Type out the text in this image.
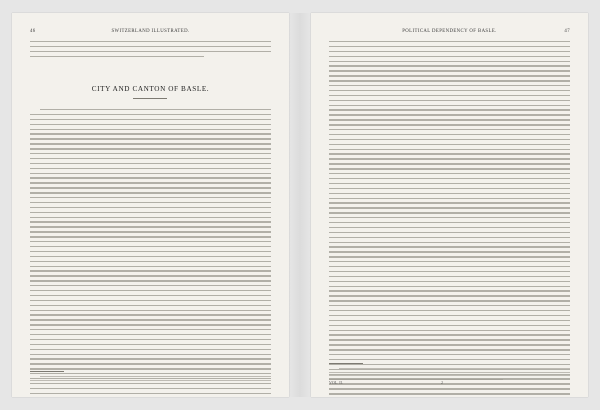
46	SWITZERLAND ILLUSTRATED.
CITY AND CANTON OF BASLE.
POLITICAL DEPENDENCY OF BASLE.	47
VOL. II.	2
